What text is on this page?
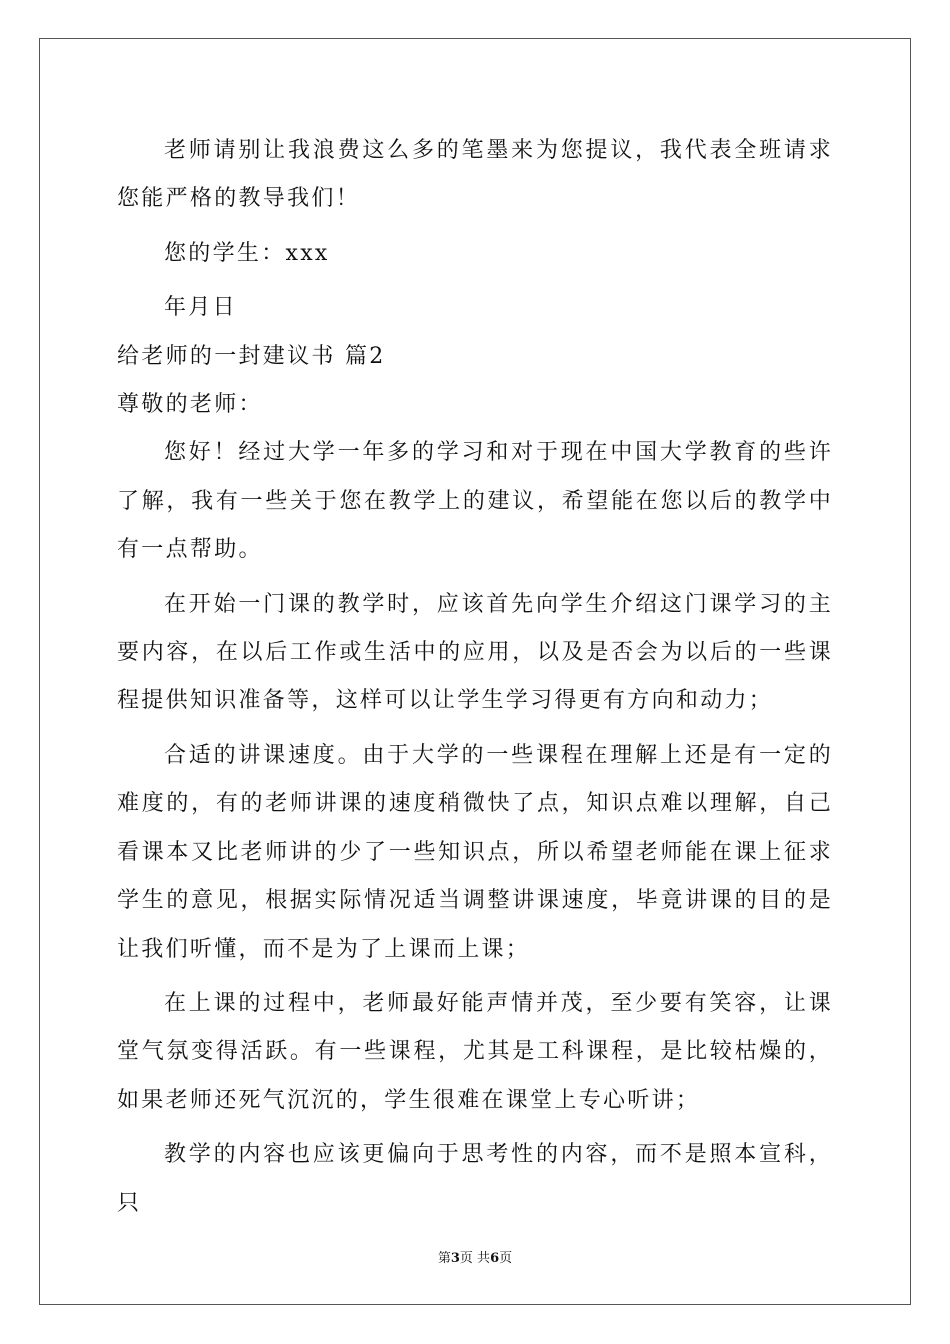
老师请别让我浪费这么多的笔墨来为您提议，我代表全班请求您能严格的教导我们！

您的学生：xxx

年月日

给老师的一封建议书 篇2

尊敬的老师：

您好！经过大学一年多的学习和对于现在中国大学教育的些许了解，我有一些关于您在教学上的建议，希望能在您以后的教学中有一点帮助。

在开始一门课的教学时，应该首先向学生介绍这门课学习的主要内容，在以后工作或生活中的应用，以及是否会为以后的一些课程提供知识准备等，这样可以让学生学习得更有方向和动力；

合适的讲课速度。由于大学的一些课程在理解上还是有一定的难度的，有的老师讲课的速度稍微快了点，知识点难以理解，自己看课本又比老师讲的少了一些知识点，所以希望老师能在课上征求学生的意见，根据实际情况适当调整讲课速度，毕竟讲课的目的是让我们听懂，而不是为了上课而上课；

在上课的过程中，老师最好能声情并茂，至少要有笑容，让课堂气氛变得活跃。有一些课程，尤其是工科课程，是比较枯燥的，如果老师还死气沉沉的，学生很难在课堂上专心听讲；

教学的内容也应该更偏向于思考性的内容，而不是照本宣科，只

第3页 共6页
